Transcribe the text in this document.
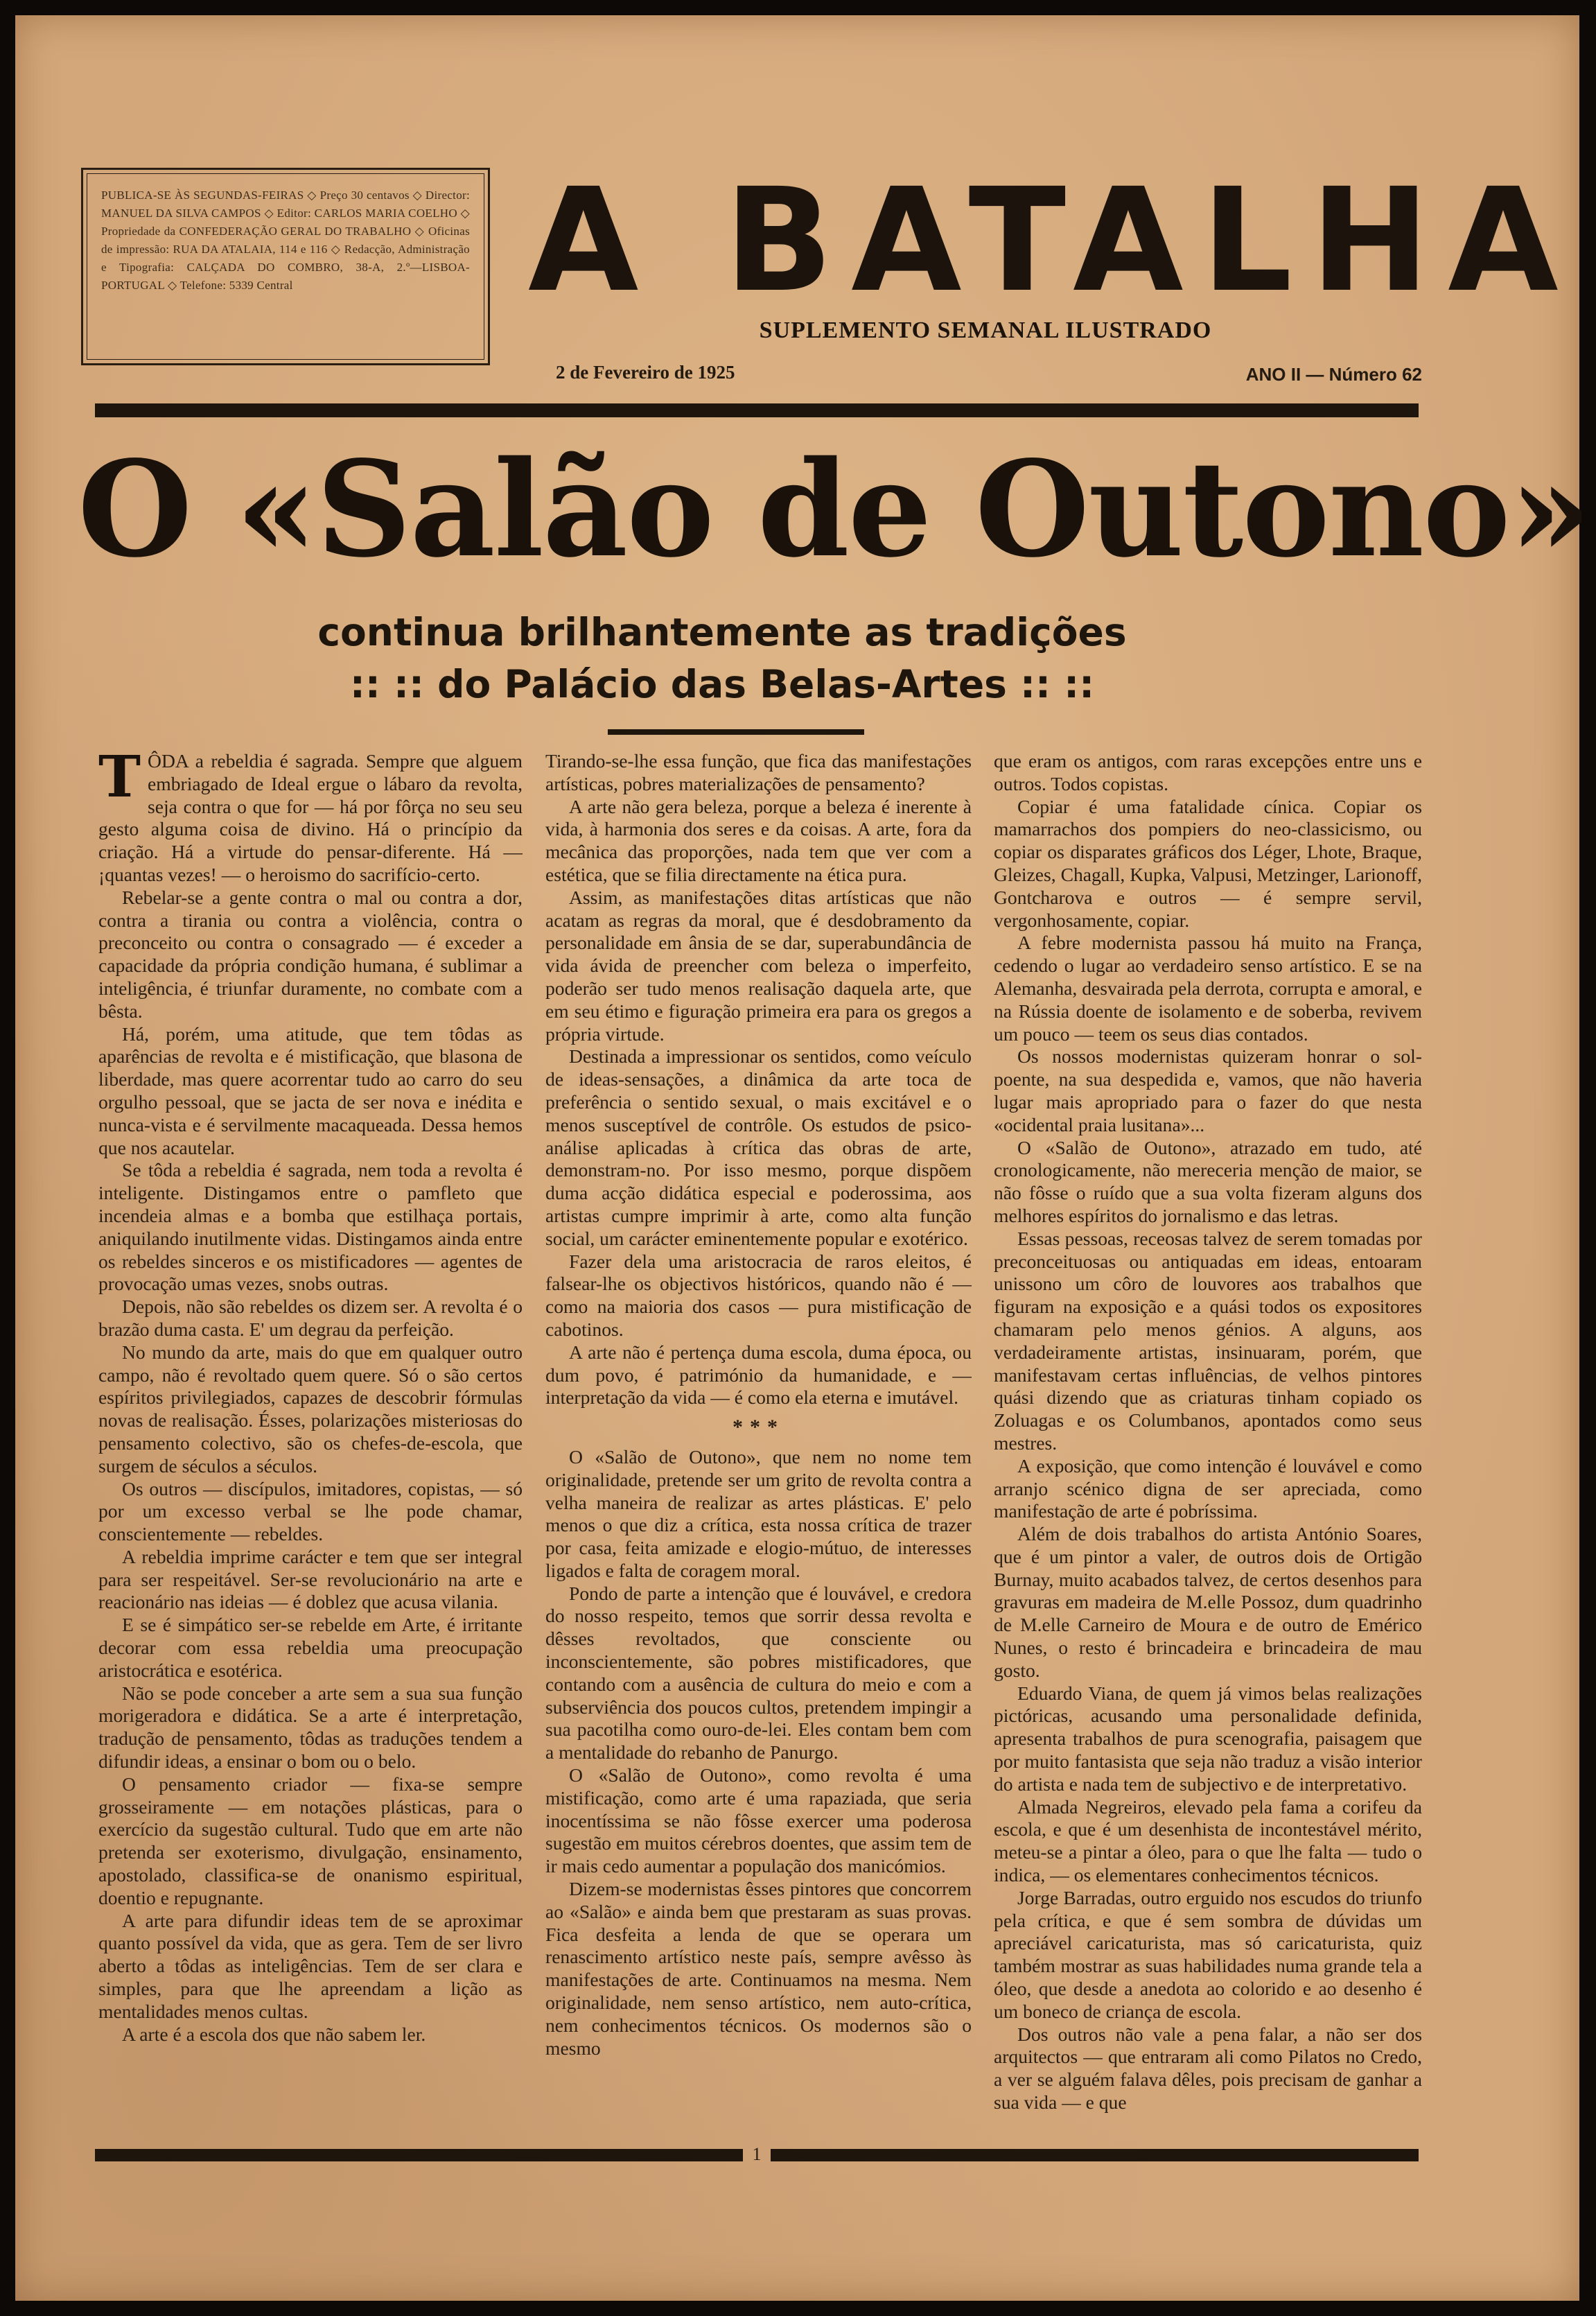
PUBLICA-SE ÀS SEGUNDAS-FEIRAS ◇ Preço 30 centavos ◇ Director: MANUEL DA SILVA CAMPOS ◇ Editor: CARLOS MARIA COELHO ◇ Propriedade da CONFEDERAÇÃO GERAL DO TRABALHO ◇ Oficinas de impressão: RUA DA ATALAIA, 114 e 116 ◇ Redacção, Administração e Tipografia: CALÇADA DO COMBRO, 38-A, 2.º—LISBOA-PORTUGAL ◇ Telefone: 5339 Central	A BATALHA
SUPLEMENTO SEMANAL ILUSTRADO
2 de Fevereiro de 1925	ANO II — Número 62
O «Salão de Outono»
continua brilhantemente as tradições
:: :: do Palácio das Belas-Artes :: ::

TÔDA a rebeldia é sagrada. Sempre que alguem embriagado de Ideal ergue o lábaro da revolta, seja contra o que for — há por fôrça no seu seu gesto alguma coisa de divino. Há o princípio da criação. Há a virtude do pensar-diferente. Há — ¡quantas vezes! — o heroismo do sacrifício-certo.

Rebelar-se a gente contra o mal ou contra a dor, contra a tirania ou contra a violência, contra o preconceito ou contra o consagrado — é exceder a capacidade da própria condição humana, é sublimar a inteligência, é triunfar duramente, no combate com a bêsta.

Há, porém, uma atitude, que tem tôdas as aparências de revolta e é mistificação, que blasona de liberdade, mas quere acorrentar tudo ao carro do seu orgulho pessoal, que se jacta de ser nova e inédita e nunca-vista e é servilmente macaqueada. Dessa hemos que nos acautelar.

Se tôda a rebeldia é sagrada, nem toda a revolta é inteligente. Distingamos entre o pamfleto que incendeia almas e a bomba que estilhaça portais, aniquilando inutilmente vidas. Distingamos ainda entre os rebeldes sinceros e os mistificadores — agentes de provocação umas vezes, snobs outras.

Depois, não são rebeldes os dizem ser. A revolta é o brazão duma casta. E' um degrau da perfeição.

No mundo da arte, mais do que em qualquer outro campo, não é revoltado quem quere. Só o são certos espíritos privilegiados, capazes de descobrir fórmulas novas de realisação. Ésses, polarizações misteriosas do pensamento colectivo, são os chefes-de-escola, que surgem de séculos a séculos.

Os outros — discípulos, imitadores, copistas, — só por um excesso verbal se lhe pode chamar, conscientemente — rebeldes.

A rebeldia imprime carácter e tem que ser integral para ser respeitável. Ser-se revolucionário na arte e reacionário nas ideias — é doblez que acusa vilania.

E se é simpático ser-se rebelde em Arte, é irritante decorar com essa rebeldia uma preocupação aristocrática e esotérica.

Não se pode conceber a arte sem a sua sua função morigeradora e didática. Se a arte é interpretação, tradução de pensamento, tôdas as traduções tendem a difundir ideas, a ensinar o bom ou o belo.

O pensamento criador — fixa-se sempre grosseiramente — em notações plásticas, para o exercício da sugestão cultural. Tudo que em arte não pretenda ser exoterismo, divulgação, ensinamento, apostolado, classifica-se de onanismo espiritual, doentio e repugnante.

A arte para difundir ideas tem de se aproximar quanto possível da vida, que as gera. Tem de ser livro aberto a tôdas as inteligências. Tem de ser clara e simples, para que lhe apreendam a lição as mentalidades menos cultas.

A arte é a escola dos que não sabem ler.

Tirando-se-lhe essa função, que fica das manifestações artísticas, pobres materializações de pensamento?

A arte não gera beleza, porque a beleza é inerente à vida, à harmonia dos seres e da coisas. A arte, fora da mecânica das proporções, nada tem que ver com a estética, que se filia directamente na ética pura.

Assim, as manifestações ditas artísticas que não acatam as regras da moral, que é desdobramento da personalidade em ânsia de se dar, superabundância de vida ávida de preencher com beleza o imperfeito, poderão ser tudo menos realisação daquela arte, que em seu étimo e figuração primeira era para os gregos a própria virtude.

Destinada a impressionar os sentidos, como veículo de ideas-sensações, a dinâmica da arte toca de preferência o sentido sexual, o mais excitável e o menos susceptível de contrôle. Os estudos de psico-análise aplicadas à crítica das obras de arte, demonstram-no. Por isso mesmo, porque dispõem duma acção didática especial e poderossima, aos artistas cumpre imprimir à arte, como alta função social, um carácter eminentemente popular e exotérico.

Fazer dela uma aristocracia de raros eleitos, é falsear-lhe os objectivos históricos, quando não é — como na maioria dos casos — pura mistificação de cabotinos.

A arte não é pertença duma escola, duma época, ou dum povo, é património da humanidade, e — interpretação da vida — é como ela eterna e imutável.

***

O «Salão de Outono», que nem no nome tem originalidade, pretende ser um grito de revolta contra a velha maneira de realizar as artes plásticas. E' pelo menos o que diz a crítica, esta nossa crítica de trazer por casa, feita amizade e elogio-mútuo, de interesses ligados e falta de coragem moral.

Pondo de parte a intenção que é louvável, e credora do nosso respeito, temos que sorrir dessa revolta e dêsses revoltados, que consciente ou inconscientemente, são pobres mistificadores, que contando com a ausência de cultura do meio e com a subserviência dos poucos cultos, pretendem impingir a sua pacotilha como ouro-de-lei. Eles contam bem com a mentalidade do rebanho de Panurgo.

O «Salão de Outono», como revolta é uma mistificação, como arte é uma rapaziada, que seria inocentíssima se não fôsse exercer uma poderosa sugestão em muitos cérebros doentes, que assim tem de ir mais cedo aumentar a população dos manicómios.

Dizem-se modernistas êsses pintores que concorrem ao «Salão» e ainda bem que prestaram as suas provas. Fica desfeita a lenda de que se operara um renascimento artístico neste país, sempre avêsso às manifestações de arte. Continuamos na mesma. Nem originalidade, nem senso artístico, nem auto-crítica, nem conhecimentos técnicos. Os modernos são o mesmo

que eram os antigos, com raras excepções entre uns e outros. Todos copistas.

Copiar é uma fatalidade cínica. Copiar os mamarrachos dos pompiers do neo-classicismo, ou copiar os disparates gráficos dos Léger, Lhote, Braque, Gleizes, Chagall, Kupka, Valpusi, Metzinger, Larionoff, Gontcharova e outros — é sempre servil, vergonhosamente, copiar.

A febre modernista passou há muito na França, cedendo o lugar ao verdadeiro senso artístico. E se na Alemanha, desvairada pela derrota, corrupta e amoral, e na Rússia doente de isolamento e de soberba, revivem um pouco — teem os seus dias contados.

Os nossos modernistas quizeram honrar o sol-poente, na sua despedida e, vamos, que não haveria lugar mais apropriado para o fazer do que nesta «ocidental praia lusitana»...

O «Salão de Outono», atrazado em tudo, até cronologicamente, não mereceria menção de maior, se não fôsse o ruído que a sua volta fizeram alguns dos melhores espíritos do jornalismo e das letras.

Essas pessoas, receosas talvez de serem tomadas por preconceituosas ou antiquadas em ideas, entoaram unissono um côro de louvores aos trabalhos que figuram na exposição e a quási todos os expositores chamaram pelo menos génios. A alguns, aos verdadeiramente artistas, insinuaram, porém, que manifestavam certas influências, de velhos pintores quási dizendo que as criaturas tinham copiado os Zoluagas e os Columbanos, apontados como seus mestres.

A exposição, que como intenção é louvável e como arranjo scénico digna de ser apreciada, como manifestação de arte é pobríssima.

Além de dois trabalhos do artista António Soares, que é um pintor a valer, de outros dois de Ortigão Burnay, muito acabados talvez, de certos desenhos para gravuras em madeira de M.elle Possoz, dum quadrinho de M.elle Carneiro de Moura e de outro de Emérico Nunes, o resto é brincadeira e brincadeira de mau gosto.

Eduardo Viana, de quem já vimos belas realizações pictóricas, acusando uma personalidade definida, apresenta trabalhos de pura scenografia, paisagem que por muito fantasista que seja não traduz a visão interior do artista e nada tem de subjectivo e de interpretativo.

Almada Negreiros, elevado pela fama a corifeu da escola, e que é um desenhista de incontestável mérito, meteu-se a pintar a óleo, para o que lhe falta — tudo o indica, — os elementares conhecimentos técnicos.

Jorge Barradas, outro erguido nos escudos do triunfo pela crítica, e que é sem sombra de dúvidas um apreciável caricaturista, mas só caricaturista, quiz também mostrar as suas habilidades numa grande tela a óleo, que desde a anedota ao colorido e ao desenho é um boneco de criança de escola.

Dos outros não vale a pena falar, a não ser dos arquitectos — que entraram ali como Pilatos no Credo, a ver se alguém falava dêles, pois precisam de ganhar a sua vida — e que

1
